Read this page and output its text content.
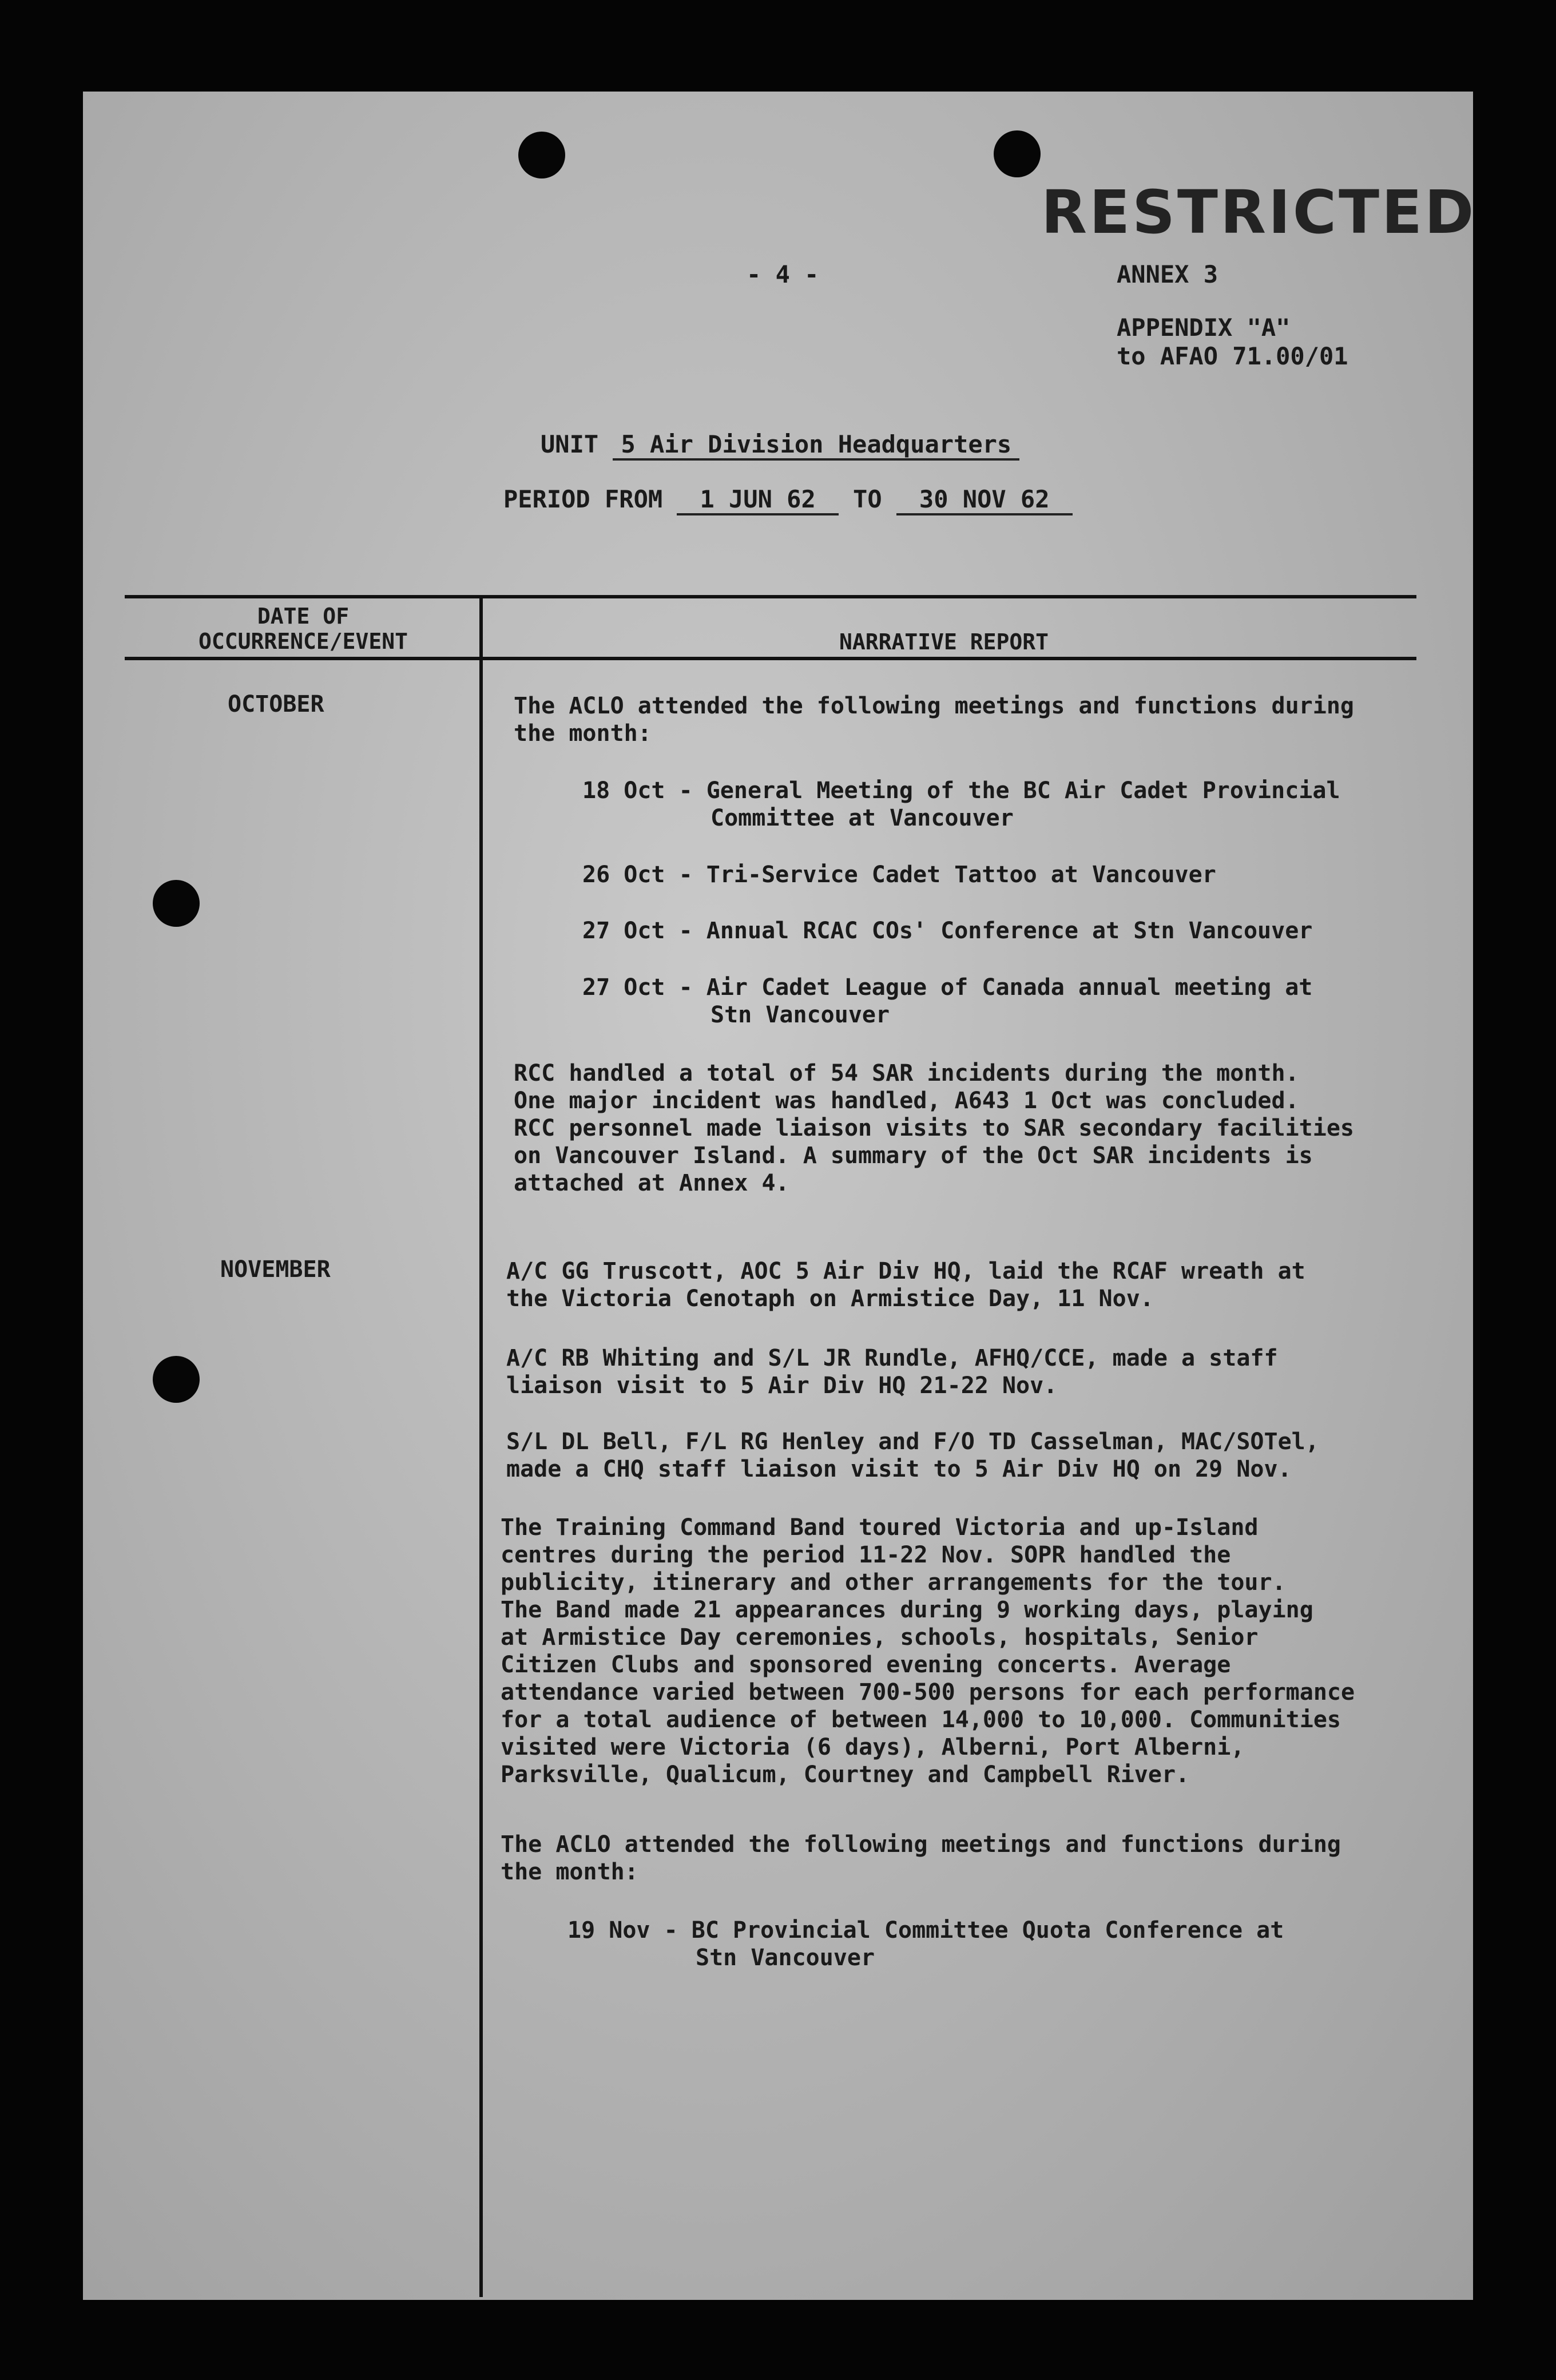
RESTRICTED
- 4 -	ANNEX 3
APPENDIX "A"
to AFAO 71.00/01
UNIT 5 Air Division Headquarters
PERIOD FROM 1 JUN 62 TO 30 NOV 62
DATE OF
OCCURRENCE/EVENT	NARRATIVE REPORT
OCTOBER	The ACLO attended the following meetings and functions during
the month:
18 Oct - General Meeting of the BC Air Cadet Provincial
Committee at Vancouver
26 Oct - Tri-Service Cadet Tattoo at Vancouver
27 Oct - Annual RCAC COs' Conference at Stn Vancouver
27 Oct - Air Cadet League of Canada annual meeting at
Stn Vancouver
RCC handled a total of 54 SAR incidents during the month.
One major incident was handled, A643 1 Oct was concluded.
RCC personnel made liaison visits to SAR secondary facilities
on Vancouver Island. A summary of the Oct SAR incidents is
attached at Annex 4.
NOVEMBER	A/C GG Truscott, AOC 5 Air Div HQ, laid the RCAF wreath at
the Victoria Cenotaph on Armistice Day, 11 Nov.
A/C RB Whiting and S/L JR Rundle, AFHQ/CCE, made a staff
liaison visit to 5 Air Div HQ 21-22 Nov.
S/L DL Bell, F/L RG Henley and F/O TD Casselman, MAC/SOTel,
made a CHQ staff liaison visit to 5 Air Div HQ on 29 Nov.
The Training Command Band toured Victoria and up-Island
centres during the period 11-22 Nov. SOPR handled the
publicity, itinerary and other arrangements for the tour.
The Band made 21 appearances during 9 working days, playing
at Armistice Day ceremonies, schools, hospitals, Senior
Citizen Clubs and sponsored evening concerts. Average
attendance varied between 700-500 persons for each performance
for a total audience of between 14,000 to 10,000. Communities
visited were Victoria (6 days), Alberni, Port Alberni,
Parksville, Qualicum, Courtney and Campbell River.
The ACLO attended the following meetings and functions during
the month:
19 Nov - BC Provincial Committee Quota Conference at
Stn Vancouver
